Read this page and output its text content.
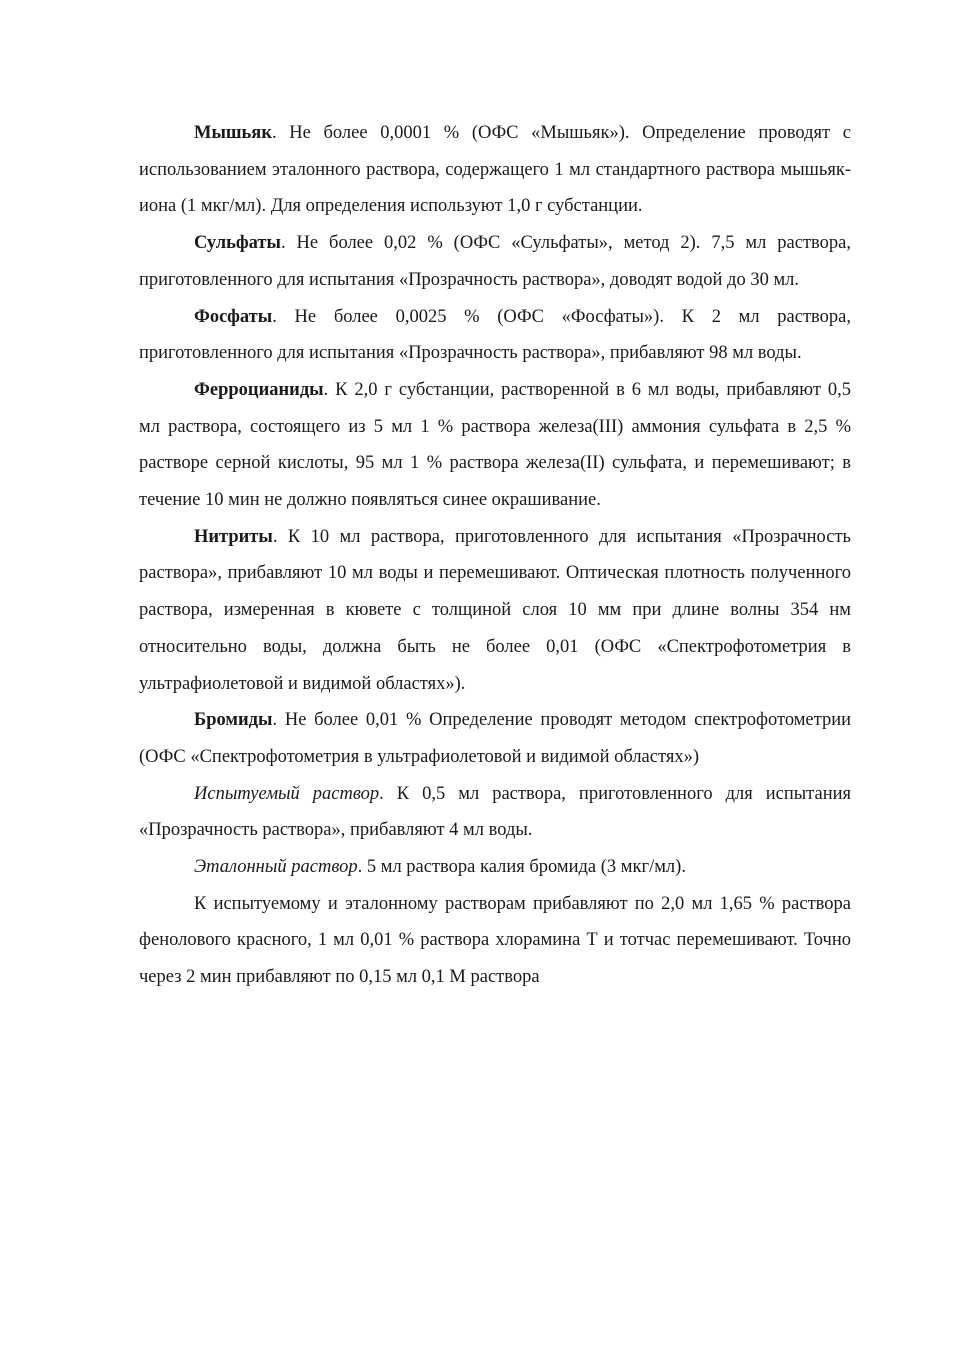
Мышьяк. Не более 0,0001 % (ОФС «Мышьяк»). Определение проводят с использованием эталонного раствора, содержащего 1 мл стандартного раствора мышьяк-иона (1 мкг/мл). Для определения используют 1,0 г субстанции.

Сульфаты. Не более 0,02 % (ОФС «Сульфаты», метод 2). 7,5 мл раствора, приготовленного для испытания «Прозрачность раствора», доводят водой до 30 мл.

Фосфаты. Не более 0,0025 % (ОФС «Фосфаты»). К 2 мл раствора, приготовленного для испытания «Прозрачность раствора», прибавляют 98 мл воды.

Ферроцианиды. К 2,0 г субстанции, растворенной в 6 мл воды, прибавляют 0,5 мл раствора, состоящего из 5 мл 1 % раствора железа(III) аммония сульфата в 2,5 % растворе серной кислоты, 95 мл 1 % раствора железа(II) сульфата, и перемешивают; в течение 10 мин не должно появляться синее окрашивание.

Нитриты. К 10 мл раствора, приготовленного для испытания «Прозрачность раствора», прибавляют 10 мл воды и перемешивают. Оптическая плотность полученного раствора, измеренная в кювете с толщиной слоя 10 мм при длине волны 354 нм относительно воды, должна быть не более 0,01 (ОФС «Спектрофотометрия в ультрафиолетовой и видимой областях»).

Бромиды. Не более 0,01 % Определение проводят методом спектрофотометрии (ОФС «Спектрофотометрия в ультрафиолетовой и видимой областях»)

Испытуемый раствор. К 0,5 мл раствора, приготовленного для испытания «Прозрачность раствора», прибавляют 4 мл воды.

Эталонный раствор. 5 мл раствора калия бромида (3 мкг/мл).

К испытуемому и эталонному растворам прибавляют по 2,0 мл 1,65 % раствора фенолового красного, 1 мл 0,01 % раствора хлорамина Т и тотчас перемешивают. Точно через 2 мин прибавляют по 0,15 мл 0,1 М раствора
